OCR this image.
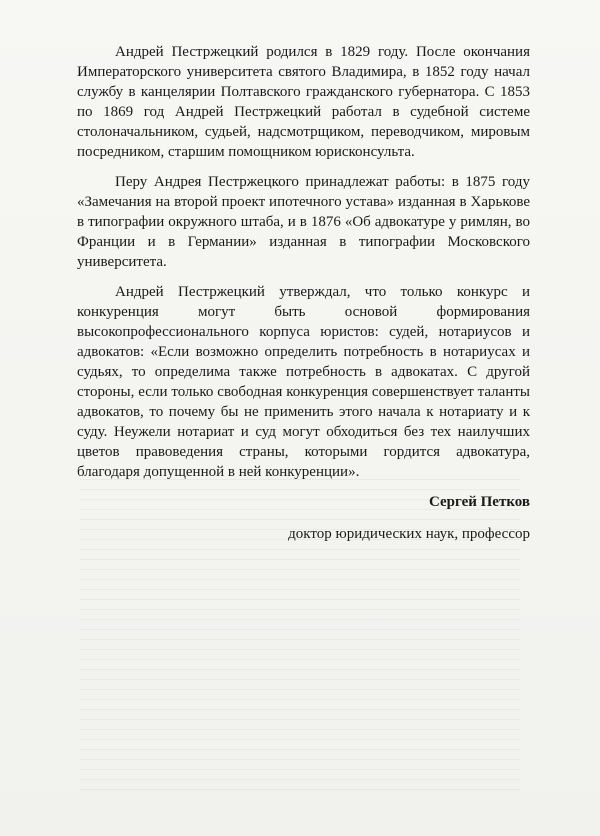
Андрей Пестржецкий родился в 1829 году. После окончания Императорского университета святого Владимира, в 1852 году начал службу в канцелярии Полтавского гражданского губернатора. С 1853 по 1869 год Андрей Пестржецкий работал в судебной системе столоначальником, судьей, надсмотрщиком, переводчиком, мировым посредником, старшим помощником юрисконсульта.

Перу Андрея Пестржецкого принадлежат работы: в 1875 году «Замечания на второй проект ипотечного устава» изданная в Харькове в типографии окружного штаба, и в 1876 «Об адвокатуре у римлян, во Франции и в Германии» изданная в типографии Московского университета.

Андрей Пестржецкий утверждал, что только конкурс и конкуренция могут быть основой формирования высокопрофессионального корпуса юристов: судей, нотариусов и адвокатов: «Если возможно определить потребность в нотариусах и судьях, то определима также потребность в адвокатах. С другой стороны, если только свободная конкуренция совершенствует таланты адвокатов, то почему бы не применить этого начала к нотариату и к суду. Неужели нотариат и суд могут обходиться без тех наилучших цветов правоведения страны, которыми гордится адвокатура, благодаря допущенной в ней конкуренции».

Сергей Петков
доктор юридических наук, профессор
